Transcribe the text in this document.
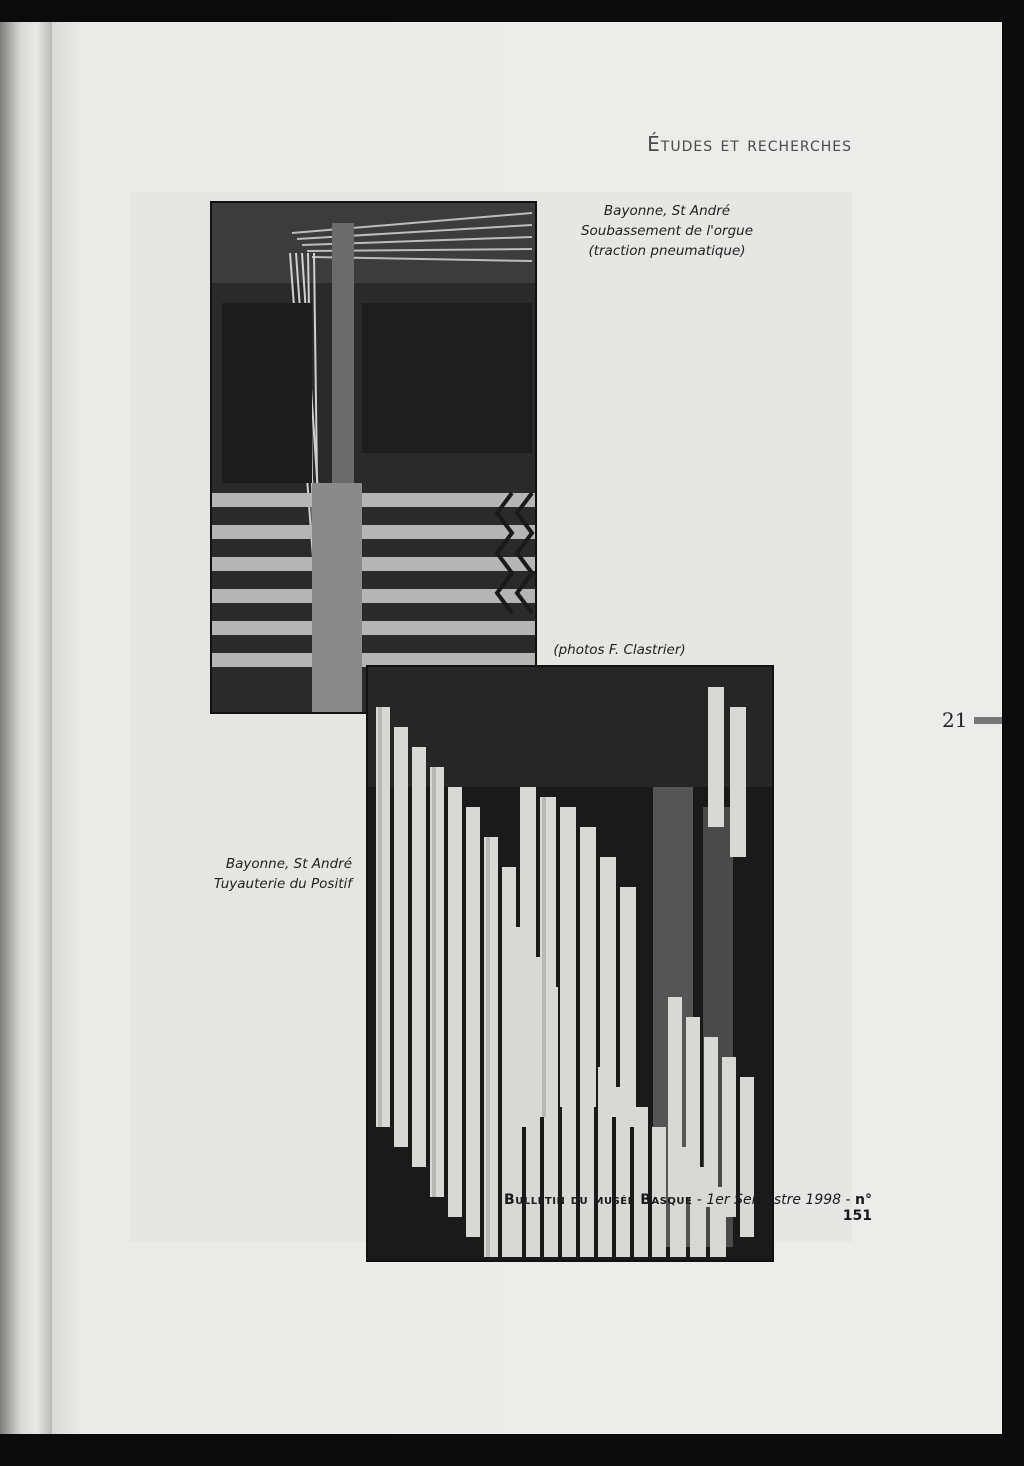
Études et recherches
Bayonne, St André
Soubassement de l'orgue
(traction pneumatique)
(photos F. Clastrier)
Bayonne, St André
Tuyauterie du Positif
21
Bulletin du musée Basque - 1er Semestre 1998 - n° 151
